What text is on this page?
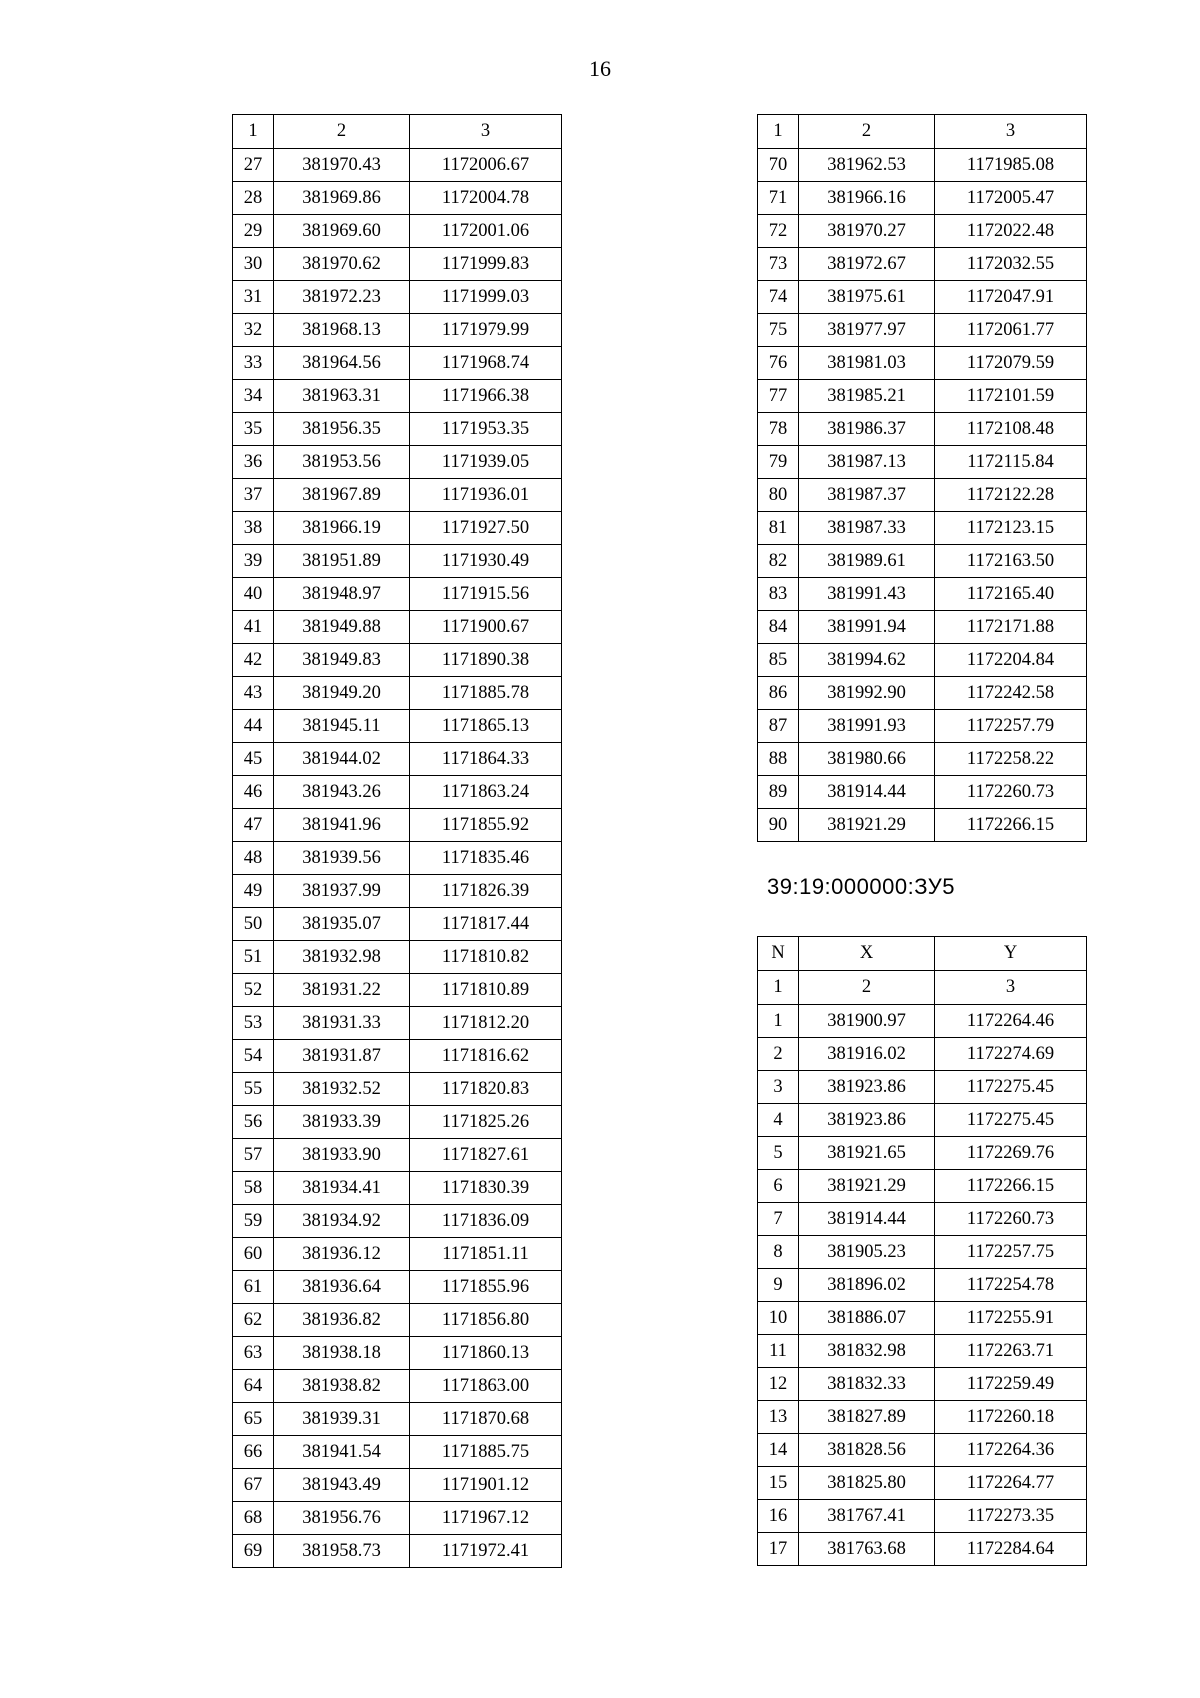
16
1	2	3
27	381970.43	1172006.67
28	381969.86	1172004.78
29	381969.60	1172001.06
30	381970.62	1171999.83
31	381972.23	1171999.03
32	381968.13	1171979.99
33	381964.56	1171968.74
34	381963.31	1171966.38
35	381956.35	1171953.35
36	381953.56	1171939.05
37	381967.89	1171936.01
38	381966.19	1171927.50
39	381951.89	1171930.49
40	381948.97	1171915.56
41	381949.88	1171900.67
42	381949.83	1171890.38
43	381949.20	1171885.78
44	381945.11	1171865.13
45	381944.02	1171864.33
46	381943.26	1171863.24
47	381941.96	1171855.92
48	381939.56	1171835.46
49	381937.99	1171826.39
50	381935.07	1171817.44
51	381932.98	1171810.82
52	381931.22	1171810.89
53	381931.33	1171812.20
54	381931.87	1171816.62
55	381932.52	1171820.83
56	381933.39	1171825.26
57	381933.90	1171827.61
58	381934.41	1171830.39
59	381934.92	1171836.09
60	381936.12	1171851.11
61	381936.64	1171855.96
62	381936.82	1171856.80
63	381938.18	1171860.13
64	381938.82	1171863.00
65	381939.31	1171870.68
66	381941.54	1171885.75
67	381943.49	1171901.12
68	381956.76	1171967.12
69	381958.73	1171972.41
1	2	3
70	381962.53	1171985.08
71	381966.16	1172005.47
72	381970.27	1172022.48
73	381972.67	1172032.55
74	381975.61	1172047.91
75	381977.97	1172061.77
76	381981.03	1172079.59
77	381985.21	1172101.59
78	381986.37	1172108.48
79	381987.13	1172115.84
80	381987.37	1172122.28
81	381987.33	1172123.15
82	381989.61	1172163.50
83	381991.43	1172165.40
84	381991.94	1172171.88
85	381994.62	1172204.84
86	381992.90	1172242.58
87	381991.93	1172257.79
88	381980.66	1172258.22
89	381914.44	1172260.73
90	381921.29	1172266.15
39:19:000000:ЗУ5
N	X	Y
1	2	3
1	381900.97	1172264.46
2	381916.02	1172274.69
3	381923.86	1172275.45
4	381923.86	1172275.45
5	381921.65	1172269.76
6	381921.29	1172266.15
7	381914.44	1172260.73
8	381905.23	1172257.75
9	381896.02	1172254.78
10	381886.07	1172255.91
11	381832.98	1172263.71
12	381832.33	1172259.49
13	381827.89	1172260.18
14	381828.56	1172264.36
15	381825.80	1172264.77
16	381767.41	1172273.35
17	381763.68	1172284.64
